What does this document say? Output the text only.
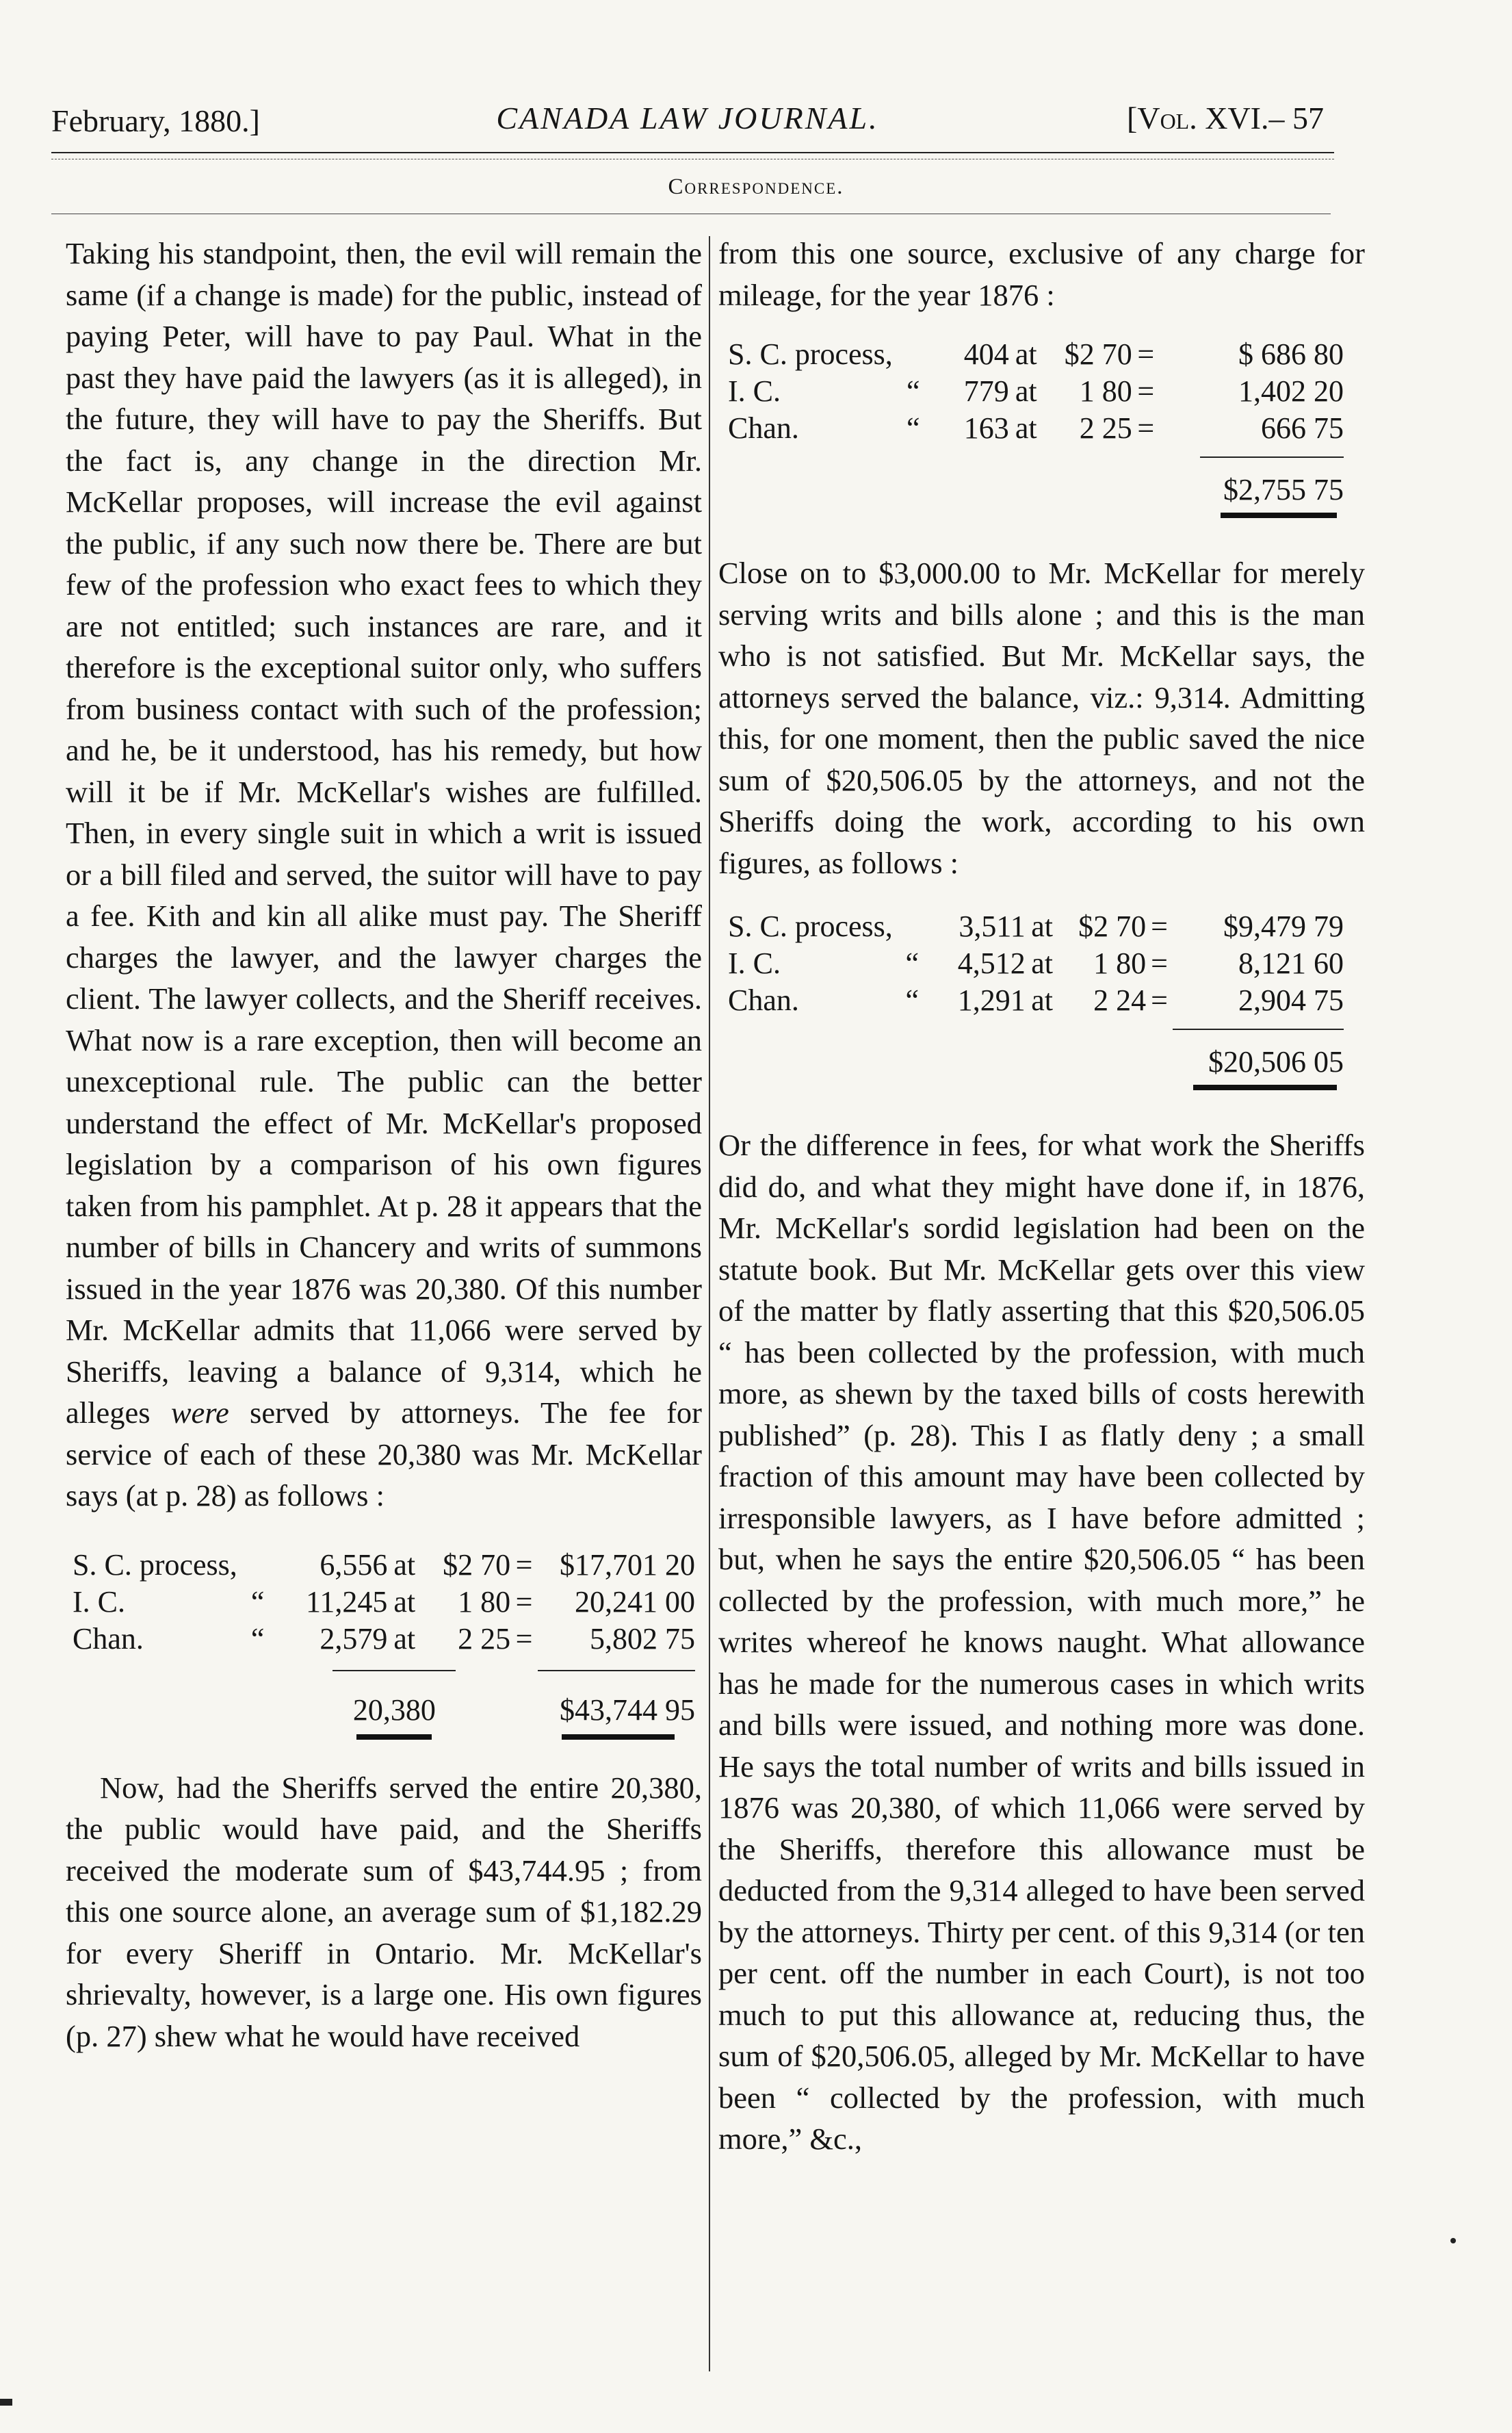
February, 1880.]	CANADA LAW JOURNAL.	[Vol. XVI.– 57
Correspondence.

Taking his standpoint, then, the evil will remain the same (if a change is made) for the public, instead of paying Peter, will have to pay Paul. What in the past they have paid the lawyers (as it is alleged), in the future, they will have to pay the Sheriffs. But the fact is, any change in the direction Mr. McKellar proposes, will increase the evil against the public, if any such now there be. There are but few of the profession who exact fees to which they are not entitled; such instances are rare, and it therefore is the exceptional suitor only, who suffers from business contact with such of the profession; and he, be it understood, has his remedy, but how will it be if Mr. McKellar's wishes are fulfilled. Then, in every single suit in which a writ is issued or a bill filed and served, the suitor will have to pay a fee. Kith and kin all alike must pay. The Sheriff charges the lawyer, and the lawyer charges the client. The lawyer collects, and the Sheriff receives. What now is a rare exception, then will become an unexceptional rule. The public can the better understand the effect of Mr. McKellar's proposed legislation by a comparison of his own figures taken from his pamphlet. At p. 28 it appears that the number of bills in Chancery and writs of summons issued in the year 1876 was 20,380. Of this number Mr. McKellar admits that 11,066 were served by Sheriffs, leaving a balance of 9,314, which he alleges were served by attorneys. The fee for service of each of these 20,380 was Mr. McKellar says (at p. 28) as follows :

S. C. process,		6,556	at	$2 70	=	$17,701 20
I. C.	“	11,245	at	1 80	=	20,241 00
Chan.	“	2,579	at	2 25	=	5,802 75

		20,380				$43,744 95

Now, had the Sheriffs served the entire 20,380, the public would have paid, and the Sheriffs received the moderate sum of $43,744.95 ; from this one source alone, an average sum of $1,182.29 for every Sheriff in Ontario. Mr. McKellar's shrievalty, however, is a large one. His own figures (p. 27) shew what he would have received

from this one source, exclusive of any charge for mileage, for the year 1876 :

S. C. process,		404	at	$2 70	=	$ 686 80
I. C.	“	779	at	1 80	=	1,402 20
Chan.	“	163	at	2 25	=	666 75

						$2,755 75

Close on to $3,000.00 to Mr. McKellar for merely serving writs and bills alone ; and this is the man who is not satisfied. But Mr. McKellar says, the attorneys served the balance, viz.: 9,314. Admitting this, for one moment, then the public saved the nice sum of $20,506.05 by the attorneys, and not the Sheriffs doing the work, according to his own figures, as follows :

S. C. process,		3,511	at	$2 70	=	$9,479 79
I. C.	“	4,512	at	1 80	=	8,121 60
Chan.	“	1,291	at	2 24	=	2,904 75

						$20,506 05

Or the difference in fees, for what work the Sheriffs did do, and what they might have done if, in 1876, Mr. McKellar's sordid legislation had been on the statute book. But Mr. McKellar gets over this view of the matter by flatly asserting that this $20,506.05 “ has been collected by the profession, with much more, as shewn by the taxed bills of costs herewith published” (p. 28). This I as flatly deny ; a small fraction of this amount may have been collected by irresponsible lawyers, as I have before admitted ; but, when he says the entire $20,506.05 “ has been collected by the profession, with much more,” he writes whereof he knows naught. What allowance has he made for the numerous cases in which writs and bills were issued, and nothing more was done. He says the total number of writs and bills issued in 1876 was 20,380, of which 11,066 were served by the Sheriffs, therefore this allowance must be deducted from the 9,314 alleged to have been served by the attorneys. Thirty per cent. of this 9,314 (or ten per cent. off the number in each Court), is not too much to put this allowance at, reducing thus, the sum of $20,506.05, alleged by Mr. McKellar to have been “ collected by the profession, with much more,” &c.,
